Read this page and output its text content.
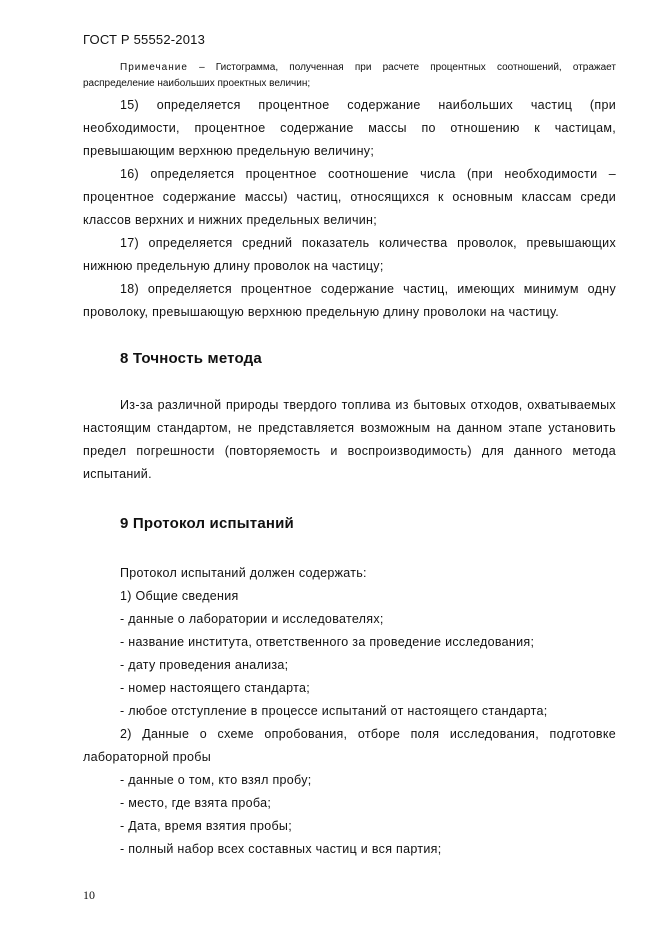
ГОСТ Р 55552-2013

Примечание – Гистограмма, полученная при расчете процентных соотношений, отражает распределение наибольших проектных величин;

15) определяется процентное содержание наибольших частиц (при необходимости, процентное содержание массы по отношению к частицам, превышающим верхнюю предельную величину;

16) определяется процентное соотношение числа (при необходимости – процентное содержание массы) частиц, относящихся к основным классам среди классов верхних и нижних предельных величин;

17) определяется средний показатель количества проволок, превышающих нижнюю предельную длину проволок на частицу;

18) определяется процентное содержание частиц, имеющих минимум одну проволоку, превышающую верхнюю предельную длину проволоки на частицу.

8 Точность метода

Из-за различной природы твердого топлива из бытовых отходов, охватываемых настоящим стандартом, не представляется возможным на данном этапе установить предел погрешности (повторяемость и воспроизводимость) для данного метода испытаний.

9 Протокол испытаний
Протокол испытаний должен содержать:
1) Общие сведения
- данные о лаборатории и исследователях;
- название института, ответственного за проведение исследования;
- дату проведения анализа;
- номер настоящего стандарта;
- любое отступление в процессе испытаний от настоящего стандарта;

2) Данные о схеме опробования, отборе поля исследования, подготовке лабораторной пробы

- данные о том, кто взял пробу;
- место, где взята проба;
- Дата, время взятия пробы;
- полный набор всех составных частиц и вся партия;
10
